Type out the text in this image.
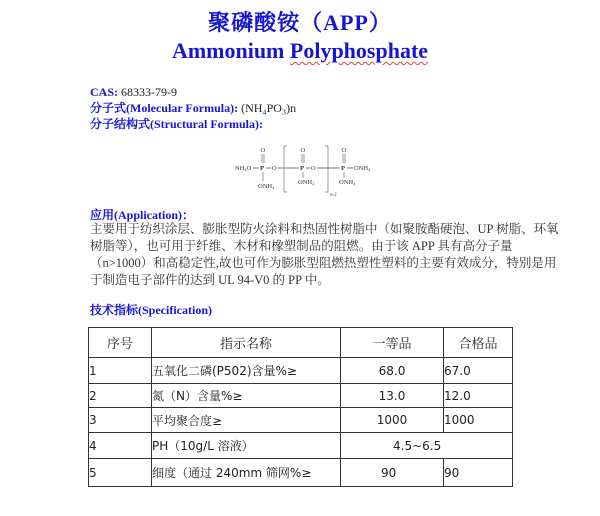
聚磷酸铵（APP）
Ammonium Polyphosphate
CAS: 68333-79-9
分子式(Molecular Formula): (NH₄PO₃)n
分子结构式(Structural Formula):
NH₄O P
O
ONH₄
O	P
O
ONH₄
O
n-2
P
O
ONH₄
ONH₄
应用(Application)：
主要用于纺织涂层、膨胀型防火涂料和热固性树脂中（如聚胺酯硬泡、UP 树脂、环氧树脂等），也可用于纤维、木材和橡塑制品的阻燃。由于该 APP 具有高分子量（n>1000）和高稳定性,故也可作为膨胀型阻燃热塑性塑料的主要有效成分，特别是用于制造电子部件的达到 UL 94-V0 的 PP 中。
技术指标(Specification)
序号	指示名称	一等品	合格品
1	五氧化二磷(P502)含量%≥	68.0	67.0
2	氮（N）含量%≥	13.0	12.0
3	平均聚合度≥	1000	1000
4	PH（10g/L 溶液）	4.5~6.5	
5	细度（通过 240mm 筛网%≥	90	90
